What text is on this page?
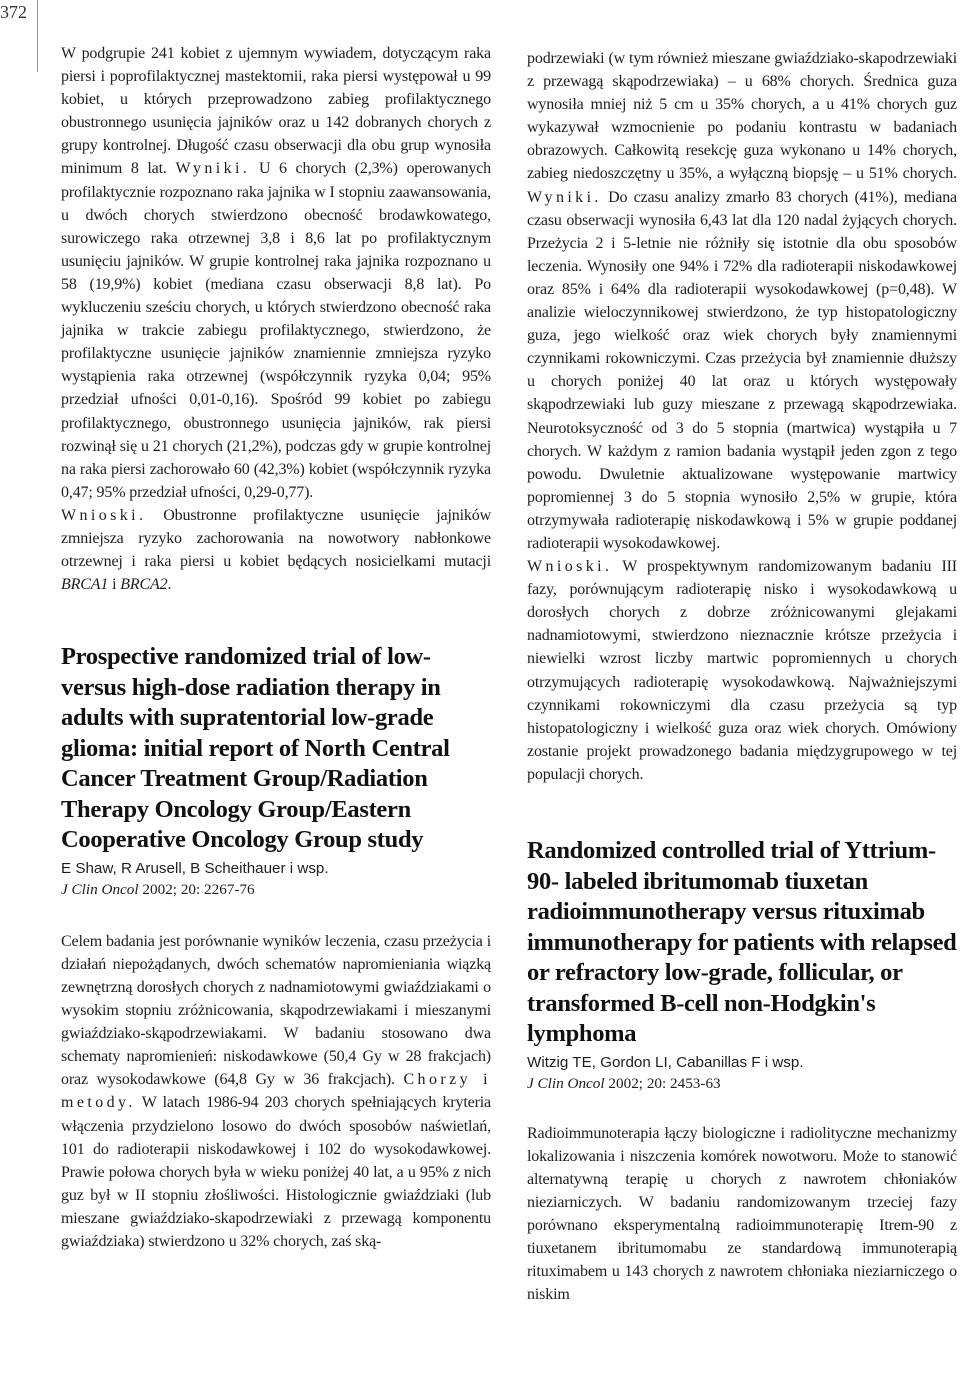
372

W podgrupie 241 kobiet z ujemnym wywiadem, dotyczącym raka piersi i poprofilaktycznej mastektomii, raka piersi występował u 99 kobiet, u których przeprowadzono zabieg profilaktycznego obustronnego usunięcia jajników oraz u 142 dobranych chorych z grupy kontrolnej. Długość czasu obserwacji dla obu grup wynosiła minimum 8 lat. Wyniki. U 6 chorych (2,3%) operowanych profilaktycznie rozpoznano raka jajnika w I stopniu zaawansowania, u dwóch chorych stwierdzono obecność brodawkowatego, surowiczego raka otrzewnej 3,8 i 8,6 lat po profilaktycznym usunięciu jajników. W grupie kontrolnej raka jajnika rozpoznano u 58 (19,9%) kobiet (mediana czasu obserwacji 8,8 lat). Po wykluczeniu sześciu chorych, u których stwierdzono obecność raka jajnika w trakcie zabiegu profilaktycznego, stwierdzono, że profilaktyczne usunięcie jajników znamiennie zmniejsza ryzyko wystąpienia raka otrzewnej (współczynnik ryzyka 0,04; 95% przedział ufności 0,01-0,16). Spośród 99 kobiet po zabiegu profilaktycznego, obustronnego usunięcia jajników, rak piersi rozwinął się u 21 chorych (21,2%), podczas gdy w grupie kontrolnej na raka piersi zachorowało 60 (42,3%) kobiet (współczynnik ryzyka 0,47; 95% przedział ufności, 0,29-0,77).

Wnioski. Obustronne profilaktyczne usunięcie jajników zmniejsza ryzyko zachorowania na nowotwory nabłonkowe otrzewnej i raka piersi u kobiet będących nosicielkami mutacji BRCA1 i BRCA2.

Prospective randomized trial of low-versus high-dose radiation therapy in adults with supratentorial low-grade glioma: initial report of North Central Cancer Treatment Group/Radiation Therapy Oncology Group/Eastern Cooperative Oncology Group study

E Shaw, R Arusell, B Scheithauer i wsp.

J Clin Oncol 2002; 20: 2267-76

Celem badania jest porównanie wyników leczenia, czasu przeżycia i działań niepożądanych, dwóch schematów napromieniania wiązką zewnętrzną dorosłych chorych z nadnamiotowymi gwiaździakami o wysokim stopniu zróżnicowania, skąpodrzewiakami i mieszanymi gwiaździako-skąpodrzewiakami. W badaniu stosowano dwa schematy napromienień: niskodawkowe (50,4 Gy w 28 frakcjach) oraz wysokodawkowe (64,8 Gy w 36 frakcjach). Chorzy i metody. W latach 1986-94 203 chorych spełniających kryteria włączenia przydzielono losowo do dwóch sposobów naświetlań, 101 do radioterapii niskodawkowej i 102 do wysokodawkowej. Prawie połowa chorych była w wieku poniżej 40 lat, a u 95% z nich guz był w II stopniu złośliwości. Histologicznie gwiaździaki (lub mieszane gwiaździako-skapodrzewiaki z przewagą komponentu gwiaździaka) stwierdzono u 32% chorych, zaś ską-

podrzewiaki (w tym również mieszane gwiaździako-skapodrzewiaki z przewagą skąpodrzewiaka) – u 68% chorych. Średnica guza wynosiła mniej niż 5 cm u 35% chorych, a u 41% chorych guz wykazywał wzmocnienie po podaniu kontrastu w badaniach obrazowych. Całkowitą resekcję guza wykonano u 14% chorych, zabieg niedoszczętny u 35%, a wyłączną biopsję – u 51% chorych. Wyniki. Do czasu analizy zmarło 83 chorych (41%), mediana czasu obserwacji wynosiła 6,43 lat dla 120 nadal żyjących chorych. Przeżycia 2 i 5-letnie nie różniły się istotnie dla obu sposobów leczenia. Wynosiły one 94% i 72% dla radioterapii niskodawkowej oraz 85% i 64% dla radioterapii wysokodawkowej (p=0,48). W analizie wieloczynnikowej stwierdzono, że typ histopatologiczny guza, jego wielkość oraz wiek chorych były znamiennymi czynnikami rokowniczymi. Czas przeżycia był znamiennie dłuższy u chorych poniżej 40 lat oraz u których występowały skąpodrzewiaki lub guzy mieszane z przewagą skąpodrzewiaka. Neurotoksyczność od 3 do 5 stopnia (martwica) wystąpiła u 7 chorych. W każdym z ramion badania wystąpił jeden zgon z tego powodu. Dwuletnie aktualizowane występowanie martwicy popromiennej 3 do 5 stopnia wynosiło 2,5% w grupie, która otrzymywała radioterapię niskodawkową i 5% w grupie poddanej radioterapii wysokodawkowej.

Wnioski. W prospektywnym randomizowanym badaniu III fazy, porównującym radioterapię nisko i wysokodawkową u dorosłych chorych z dobrze zróżnicowanymi glejakami nadnamiotowymi, stwierdzono nieznacznie krótsze przeżycia i niewielki wzrost liczby martwic popromiennych u chorych otrzymujących radioterapię wysokodawkową. Najważniejszymi czynnikami rokowniczymi dla czasu przeżycia są typ histopatologiczny i wielkość guza oraz wiek chorych. Omówiony zostanie projekt prowadzonego badania międzygrupowego w tej populacji chorych.

Randomized controlled trial of Yttrium-90- labeled ibritumomab tiuxetan radioimmunotherapy versus rituximab immunotherapy for patients with relapsed or refractory low-grade, follicular, or transformed B-cell non-Hodgkin's lymphoma

Witzig TE, Gordon LI, Cabanillas F i wsp.

J Clin Oncol 2002; 20: 2453-63

Radioimmunoterapia łączy biologiczne i radiolityczne mechanizmy lokalizowania i niszczenia komórek nowotworu. Może to stanowić alternatywną terapię u chorych z nawrotem chłoniaków nieziarniczych. W badaniu randomizowanym trzeciej fazy porównano eksperymentalną radioimmunoterapię Itrem-90 z tiuxetanem ibritumomabu ze standardową immunoterapią rituximabem u 143 chorych z nawrotem chłoniaka nieziarniczego o niskim
